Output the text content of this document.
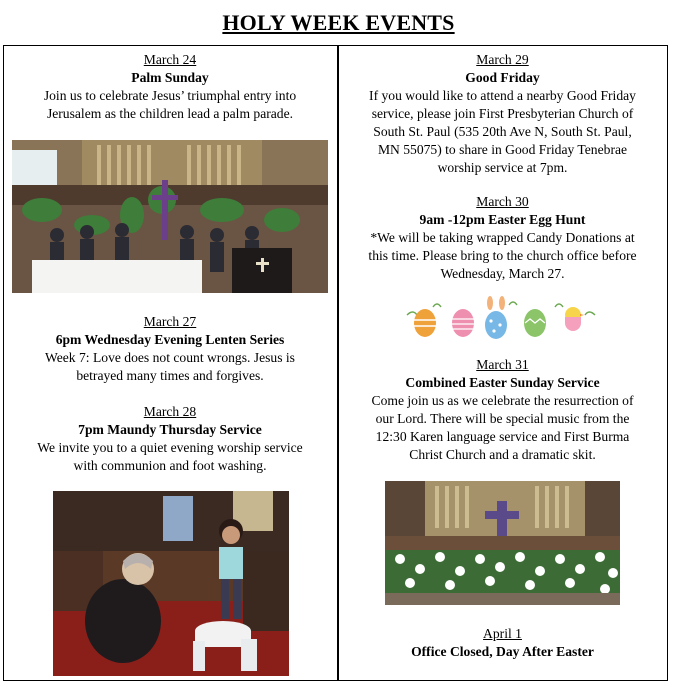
HOLY WEEK EVENTS
March 24
Palm Sunday
Join us to celebrate Jesus’ triumphal entry into
Jerusalem as the children lead a palm parade.
March 27
6pm Wednesday Evening Lenten Series
Week 7: Love does not count wrongs. Jesus is
betrayed many times and forgives.
March 28
7pm Maundy Thursday Service
We invite you to a quiet evening worship service
with communion and foot washing.
March 29
Good Friday
If you would like to attend a nearby Good Friday
service, please join First Presbyterian Church of
South St. Paul (535 20th Ave N, South St. Paul,
MN 55075) to share in Good Friday Tenebrae
worship service at 7pm.
March 30
9am -12pm Easter Egg Hunt
*We will be taking wrapped Candy Donations at
this time. Please bring to the church office before
Wednesday, March 27.
March 31
Combined Easter Sunday Service
Come join us as we celebrate the resurrection of
our Lord. There will be special music from the
12:30 Karen language service and First Burma
Christ Church and a dramatic skit.
April 1
Office Closed, Day After Easter
